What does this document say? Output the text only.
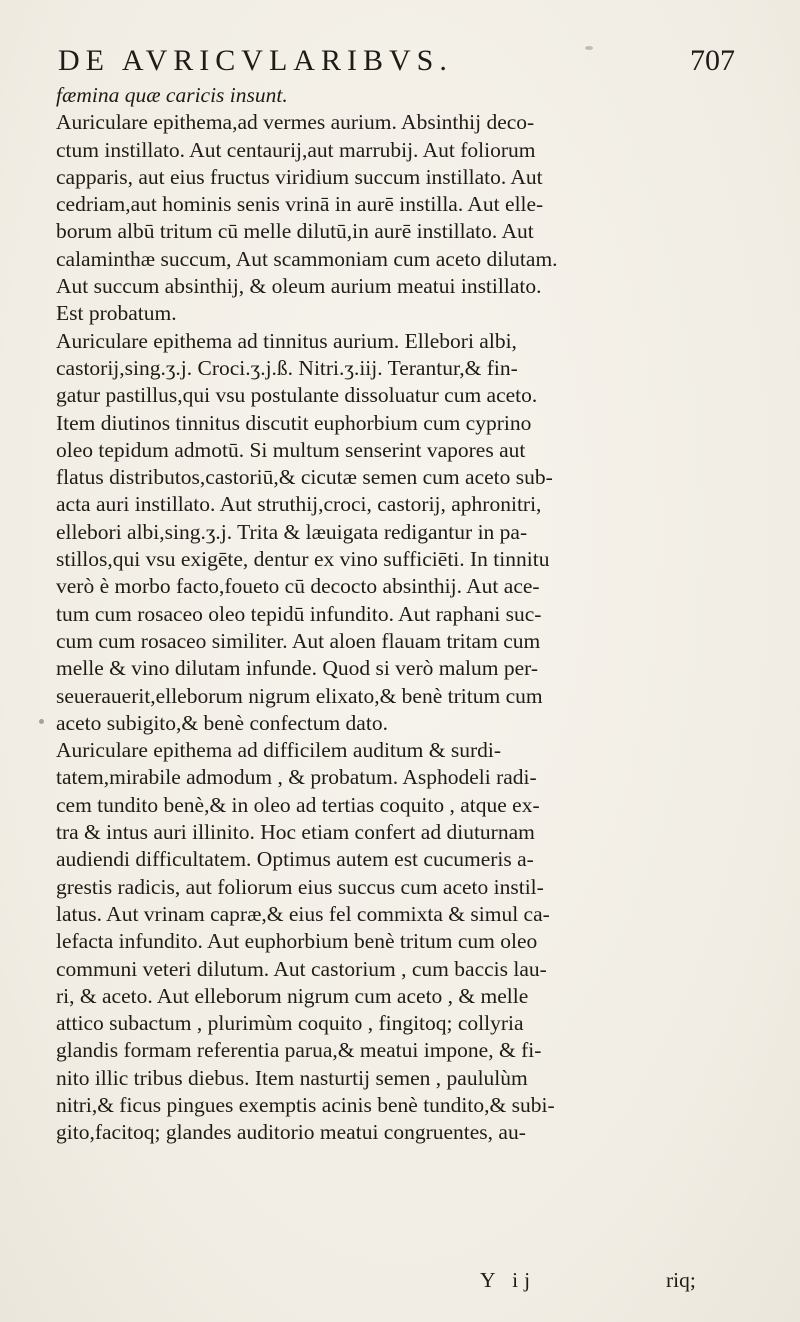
DE AVRICVLARIBVS.	707
fæmina quæ caricis insunt.
Auriculare epithema,ad vermes aurium. Absinthij deco-
ctum instillato. Aut centaurij,aut marrubij. Aut foliorum
capparis, aut eius fructus viridium succum instillato. Aut
cedriam,aut hominis senis vrinā in aurē instilla. Aut elle-
borum albū tritum cū melle dilutū,in aurē instillato. Aut
calaminthæ succum, Aut scammoniam cum aceto dilutam.
Aut succum absinthij, & oleum aurium meatui instillato.
Est probatum.
Auriculare epithema ad tinnitus aurium. Ellebori albi,
castorij,sing.ʒ.j. Croci.ʒ.j.ß. Nitri.ʒ.iij. Terantur,& fin-
gatur pastillus,qui vsu postulante dissoluatur cum aceto.
Item diutinos tinnitus discutit euphorbium cum cyprino
oleo tepidum admotū. Si multum senserint vapores aut
flatus distributos,castoriū,& cicutæ semen cum aceto sub-
acta auri instillato. Aut struthij,croci, castorij, aphronitri,
ellebori albi,sing.ʒ.j. Trita & læuigata redigantur in pa-
stillos,qui vsu exigēte, dentur ex vino sufficiēti. In tinnitu
verò è morbo facto,foueto cū decocto absinthij. Aut ace-
tum cum rosaceo oleo tepidū infundito. Aut raphani suc-
cum cum rosaceo similiter. Aut aloen flauam tritam cum
melle & vino dilutam infunde. Quod si verò malum per-
seuerauerit,elleborum nigrum elixato,& benè tritum cum
aceto subigito,& benè confectum dato.
Auriculare epithema ad difficilem auditum & surdi-
tatem,mirabile admodum , & probatum. Asphodeli radi-
cem tundito benè,& in oleo ad tertias coquito , atque ex-
tra & intus auri illinito. Hoc etiam confert ad diuturnam
audiendi difficultatem. Optimus autem est cucumeris a-
grestis radicis, aut foliorum eius succus cum aceto instil-
latus. Aut vrinam capræ,& eius fel commixta & simul ca-
lefacta infundito. Aut euphorbium benè tritum cum oleo
communi veteri dilutum. Aut castorium , cum baccis lau-
ri, & aceto. Aut elleborum nigrum cum aceto , & melle
attico subactum , plurimùm coquito , fingitoq; collyria
glandis formam referentia parua,& meatui impone, & fi-
nito illic tribus diebus. Item nasturtij semen , paululùm
nitri,& ficus pingues exemptis acinis benè tundito,& subi-
gito,facitoq; glandes auditorio meatui congruentes, au-
Y ij	riq;
